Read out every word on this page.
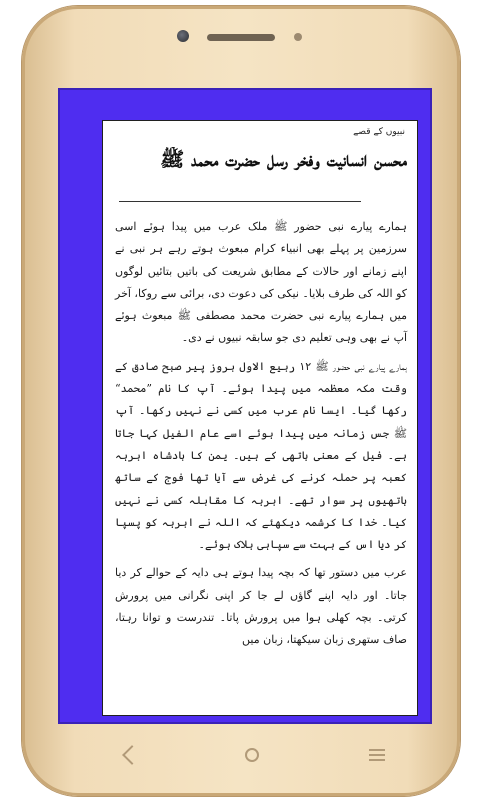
نبیوں کے قصے
محسن انسانیت وفخر رسل حضرت محمد ﷺ

ہمارے پیارے نبی حضور ﷺ ملک عرب میں پیدا ہوئے اسی سرزمین پر پہلے بھی انبیاء کرام مبعوث ہوتے رہے ہر نبی نے اپنے زمانے اور حالات کے مطابق شریعت کی باتیں بتائیں لوگوں کو اللہ کی طرف بلایا۔ نیکی کی دعوت دی، برائی سے روکا، آخر میں ہمارے پیارے نبی حضرت محمد مصطفی ﷺ مبعوث ہوئے آپ نے بھی وہی تعلیم دی جو سابقہ نبیوں نے دی۔

ہمارے پیارے نبی حضور ﷺ ۱۲ ربیع الاول بروز پیر صبح صادق کے وقت مکہ معظمہ میں پیدا ہوئے۔ آپ کا نام ”محمد“ رکھا گیا۔ ایسا نام عرب میں کسی نے نہیں رکھا۔ آپ ﷺ جس زمانہ میں پیدا ہوئے اسے عام الفیل کہا جاتا ہے۔ فیل کے معنی ہاتھی کے ہیں۔ یمن کا بادشاہ ابرہہ کعبہ پر حملہ کرنے کی غرض سے آیا تھا فوج کے ساتھ ہاتھیوں پر سوار تھے۔ ابرہہ کا مقابلہ کسی نے نہیں کیا۔ خدا کا کرشمہ دیکھئے کہ اللہ نے ابرہہ کو پسپا کر دیا اس کے بہت سے سپاہی ہلاک ہوئے۔

عرب میں دستور تھا کہ بچہ پیدا ہوتے ہی دایہ کے حوالے کر دیا جاتا۔ اور دایہ اپنے گاؤں لے جا کر اپنی نگرانی میں پرورش کرتی۔ بچہ کھلی ہوا میں پرورش پاتا۔ تندرست و توانا رہتا، صاف ستھری زبان سیکھتا، زبان میں
